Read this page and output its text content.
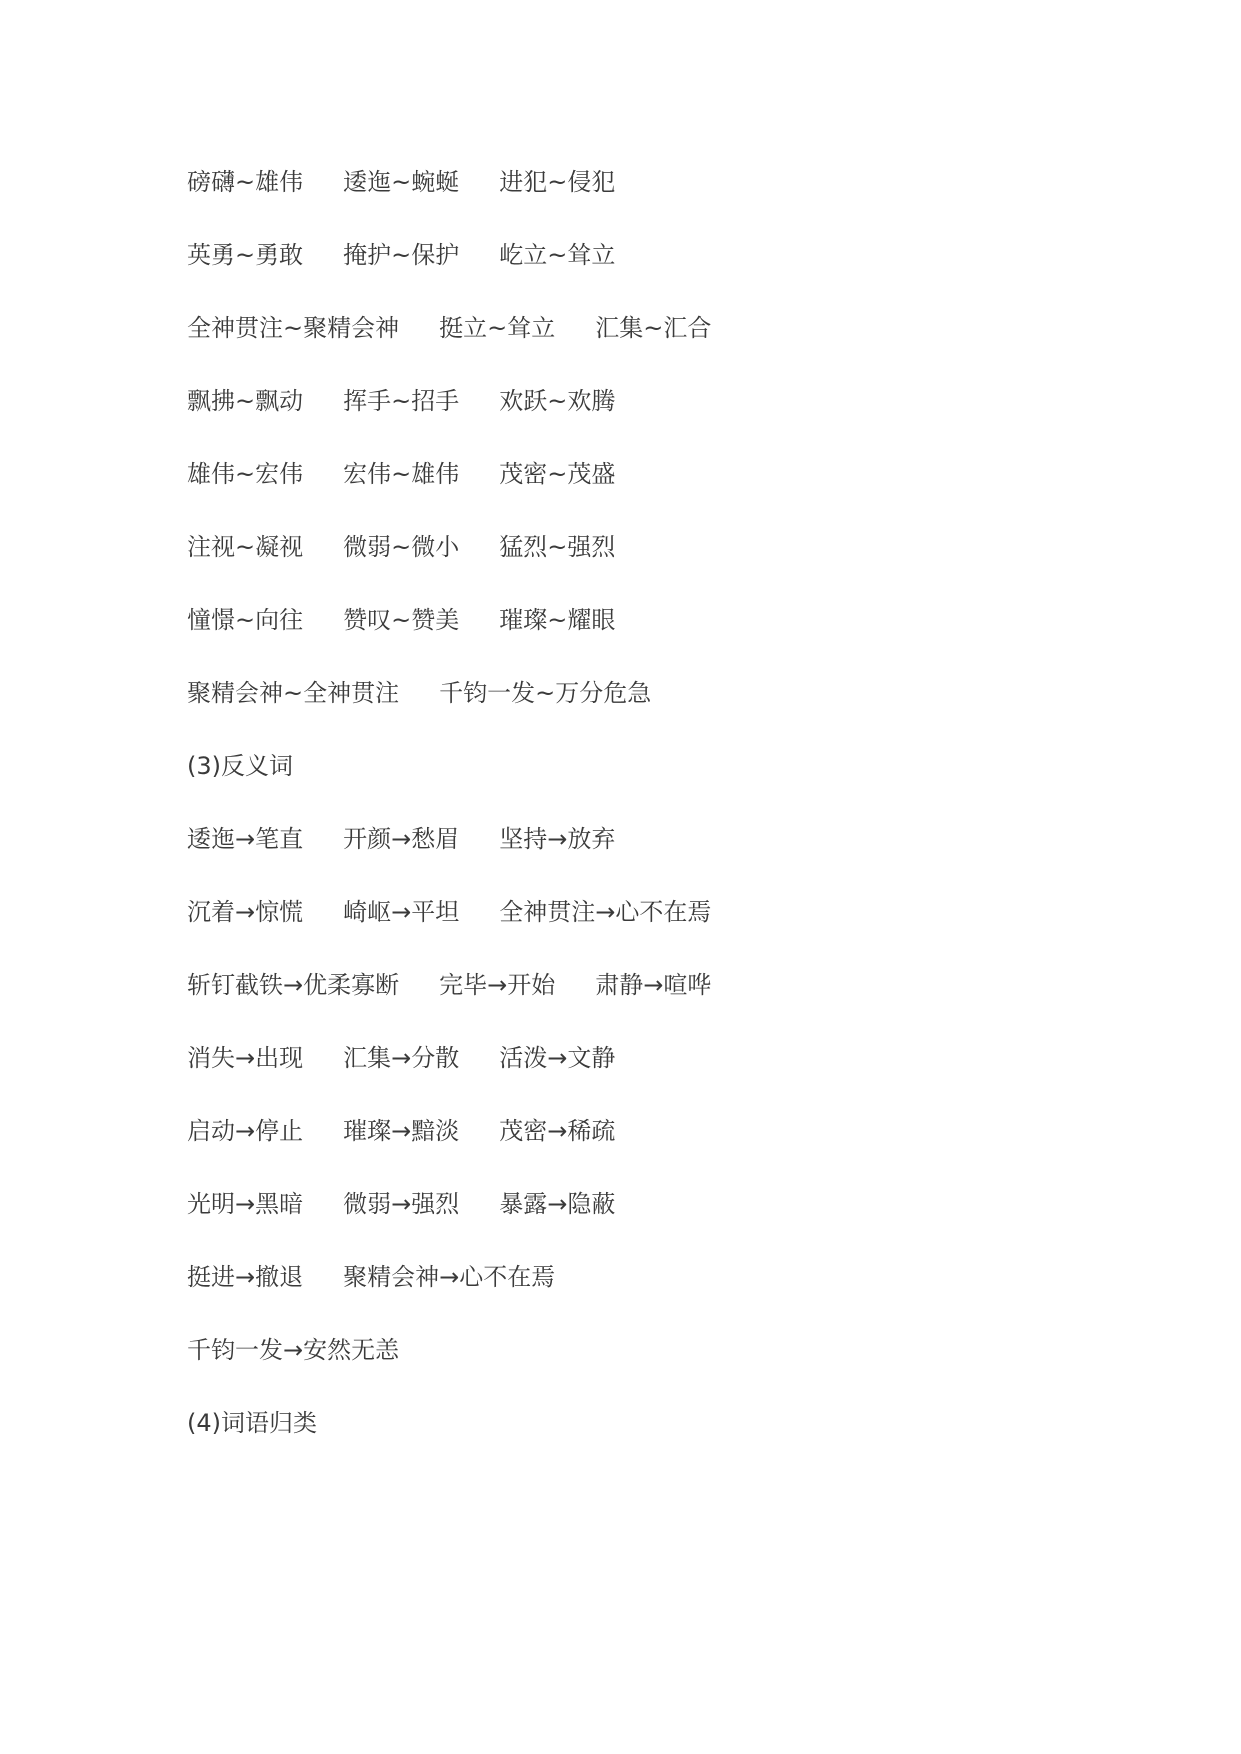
磅礴~雄伟 逶迤~蜿蜒 进犯~侵犯
英勇~勇敢 掩护~保护 屹立~耸立
全神贯注~聚精会神 挺立~耸立 汇集~汇合
飘拂~飘动 挥手~招手 欢跃~欢腾
雄伟~宏伟 宏伟~雄伟 茂密~茂盛
注视~凝视 微弱~微小 猛烈~强烈
憧憬~向往 赞叹~赞美 璀璨~耀眼
聚精会神~全神贯注 千钧一发~万分危急
(3)反义词
逶迤→笔直 开颜→愁眉 坚持→放弃
沉着→惊慌 崎岖→平坦 全神贯注→心不在焉
斩钉截铁→优柔寡断 完毕→开始 肃静→喧哗
消失→出现 汇集→分散 活泼→文静
启动→停止 璀璨→黯淡 茂密→稀疏
光明→黑暗 微弱→强烈 暴露→隐蔽
挺进→撤退 聚精会神→心不在焉
千钧一发→安然无恙
(4)词语归类
